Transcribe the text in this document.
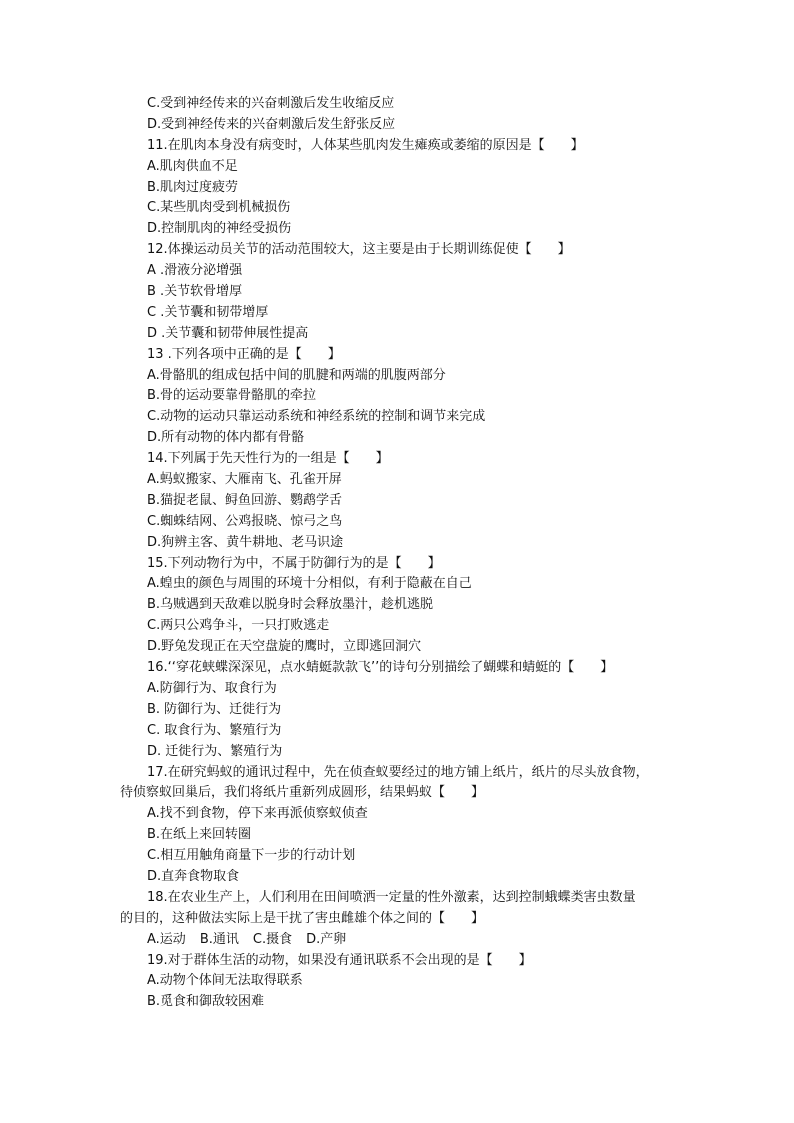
C.受到神经传来的兴奋刺激后发生收缩反应
D.受到神经传来的兴奋刺激后发生舒张反应
11.在肌肉本身没有病变时，人体某些肌肉发生瘫痪或萎缩的原因是【　　】
A.肌肉供血不足
B.肌肉过度疲劳
C.某些肌肉受到机械损伤
D.控制肌肉的神经受损伤
12.体操运动员关节的活动范围较大，这主要是由于长期训练促使【　　】
A .滑液分泌增强
B .关节软骨增厚
C .关节囊和韧带增厚
D .关节囊和韧带伸展性提高
13 .下列各项中正确的是【　　】
A.骨骼肌的组成包括中间的肌腱和两端的肌腹两部分
B.骨的运动要靠骨骼肌的牵拉
C.动物的运动只靠运动系统和神经系统的控制和调节来完成
D.所有动物的体内都有骨骼
14.下列属于先天性行为的一组是【　　】
A.蚂蚁搬家、大雁南飞、孔雀开屏
B.猫捉老鼠、鲟鱼回游、鹦鹉学舌
C.蜘蛛结网、公鸡报晓、惊弓之鸟
D.狗辨主客、黄牛耕地、老马识途
15.下列动物行为中，不属于防御行为的是【　　】
A.蝗虫的颜色与周围的环境十分相似，有利于隐蔽在自己
B.乌贼遇到天敌难以脱身时会释放墨汁，趁机逃脱
C.两只公鸡争斗，一只打败逃走
D.野兔发现正在天空盘旋的鹰时，立即逃回洞穴
16.‘‘穿花蛱蝶深深见，点水蜻蜓款款飞’’的诗句分别描绘了蝴蝶和蜻蜓的【　　】
A.防御行为、取食行为
B. 防御行为、迁徙行为
C. 取食行为、繁殖行为
D. 迁徙行为、繁殖行为
17.在研究蚂蚁的通讯过程中，先在侦查蚁要经过的地方铺上纸片，纸片的尽头放食物，
待侦察蚁回巢后，我们将纸片重新列成圆形，结果蚂蚁【　　】
A.找不到食物，停下来再派侦察蚁侦查
B.在纸上来回转圈
C.相互用触角商量下一步的行动计划
D.直奔食物取食
18.在农业生产上，人们利用在田间喷洒一定量的性外激素，达到控制蛾蝶类害虫数量
的目的，这种做法实际上是干扰了害虫雌雄个体之间的【　　】
A.运动 B.通讯 C.摄食 D.产卵
19.对于群体生活的动物，如果没有通讯联系不会出现的是【　　】
A.动物个体间无法取得联系
B.觅食和御敌较困难
